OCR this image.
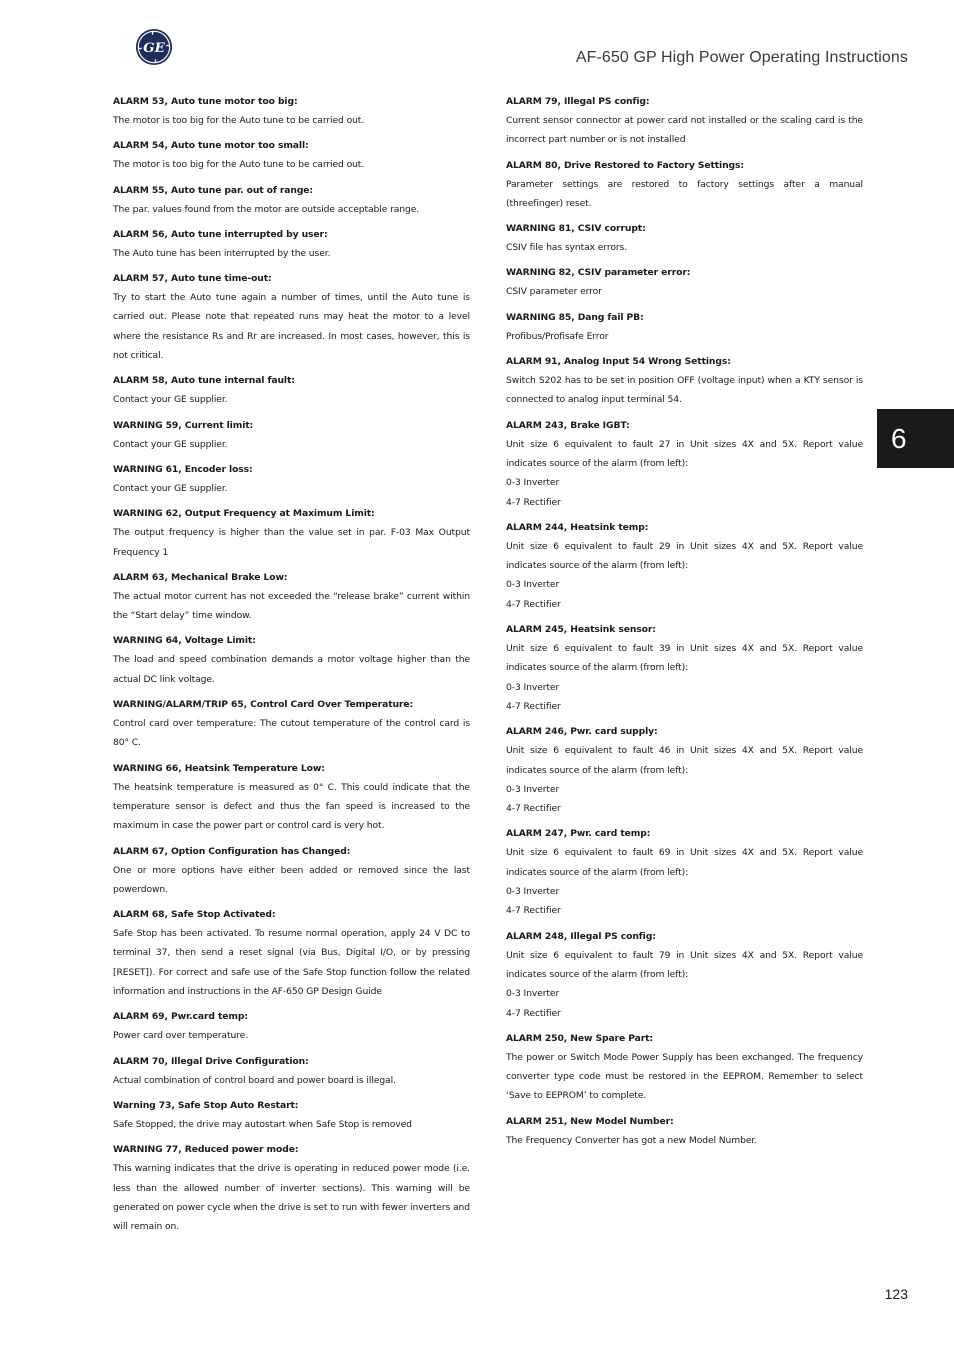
GE
AF-650 GP High Power Operating Instructions
ALARM 53, Auto tune motor too big:

The motor is too big for the Auto tune to be carried out.

ALARM 54, Auto tune motor too small:

The motor is too big for the Auto tune to be carried out.

ALARM 55, Auto tune par. out of range:

The par. values found from the motor are outside acceptable range.

ALARM 56, Auto tune interrupted by user:

The Auto tune has been interrupted by the user.

ALARM 57, Auto tune time-out:

Try to start the Auto tune again a number of times, until the Auto tune is carried out. Please note that repeated runs may heat the motor to a level where the resistance Rs and Rr are increased. In most cases, however, this is not critical.

ALARM 58, Auto tune internal fault:

Contact your GE supplier.

WARNING 59, Current limit:

Contact your GE supplier.

WARNING 61, Encoder loss:

Contact your GE supplier.

WARNING 62, Output Frequency at Maximum Limit:

The output frequency is higher than the value set in par. F-03 Max Output Frequency 1

ALARM 63, Mechanical Brake Low:

The actual motor current has not exceeded the “release brake” current within the “Start delay” time window.

WARNING 64, Voltage Limit:

The load and speed combination demands a motor voltage higher than the actual DC link voltage.

WARNING/ALARM/TRIP 65, Control Card Over Temperature:

Control card over temperature: The cutout temperature of the control card is 80° C.

WARNING 66, Heatsink Temperature Low:

The heatsink temperature is measured as 0° C. This could indicate that the temperature sensor is defect and thus the fan speed is increased to the maximum in case the power part or control card is very hot.

ALARM 67, Option Configuration has Changed:

One or more options have either been added or removed since the last powerdown.

ALARM 68, Safe Stop Activated:

Safe Stop has been activated. To resume normal operation, apply 24 V DC to terminal 37, then send a reset signal (via Bus, Digital I/O, or by pressing [RESET]). For correct and safe use of the Safe Stop function follow the related information and instructions in the AF-650 GP Design Guide

ALARM 69, Pwr.card temp:

Power card over temperature.

ALARM 70, Illegal Drive Configuration:

Actual combination of control board and power board is illegal.

Warning 73, Safe Stop Auto Restart:

Safe Stopped, the drive may autostart when Safe Stop is removed

WARNING 77, Reduced power mode:

This warning indicates that the drive is operating in reduced power mode (i.e. less than the allowed number of inverter sections). This warning will be generated on power cycle when the drive is set to run with fewer inverters and will remain on.

ALARM 79, Illegal PS config:

Current sensor connector at power card not installed or the scaling card is the incorrect part number or is not installed

ALARM 80, Drive Restored to Factory Settings:

Parameter settings are restored to factory settings after a manual (threefinger) reset.

WARNING 81, CSIV corrupt:

CSIV file has syntax errors.

WARNING 82, CSIV parameter error:

CSIV parameter error

WARNING 85, Dang fail PB:

Profibus/Profisafe Error

ALARM 91, Analog Input 54 Wrong Settings:

Switch S202 has to be set in position OFF (voltage input) when a KTY sensor is connected to analog input terminal 54.

ALARM 243, Brake IGBT:

Unit size 6 equivalent to fault 27 in Unit sizes 4X and 5X. Report value indicates source of the alarm (from left):

0-3 Inverter

4-7 Rectifier

ALARM 244, Heatsink temp:

Unit size 6 equivalent to fault 29 in Unit sizes 4X and 5X. Report value indicates source of the alarm (from left):

0-3 Inverter

4-7 Rectifier

ALARM 245, Heatsink sensor:

Unit size 6 equivalent to fault 39 in Unit sizes 4X and 5X. Report value indicates source of the alarm (from left):

0-3 Inverter

4-7 Rectifier

ALARM 246, Pwr. card supply:

Unit size 6 equivalent to fault 46 in Unit sizes 4X and 5X. Report value indicates source of the alarm (from left):

0-3 Inverter

4-7 Rectifier

ALARM 247, Pwr. card temp:

Unit size 6 equivalent to fault 69 in Unit sizes 4X and 5X. Report value indicates source of the alarm (from left):

0-3 Inverter

4-7 Rectifier

ALARM 248, Illegal PS config:

Unit size 6 equivalent to fault 79 in Unit sizes 4X and 5X. Report value indicates source of the alarm (from left):

0-3 Inverter

4-7 Rectifier

ALARM 250, New Spare Part:

The power or Switch Mode Power Supply has been exchanged. The frequency converter type code must be restored in the EEPROM. Remember to select ‘Save to EEPROM’ to complete.

ALARM 251, New Model Number:

The Frequency Converter has got a new Model Number.

6
123
